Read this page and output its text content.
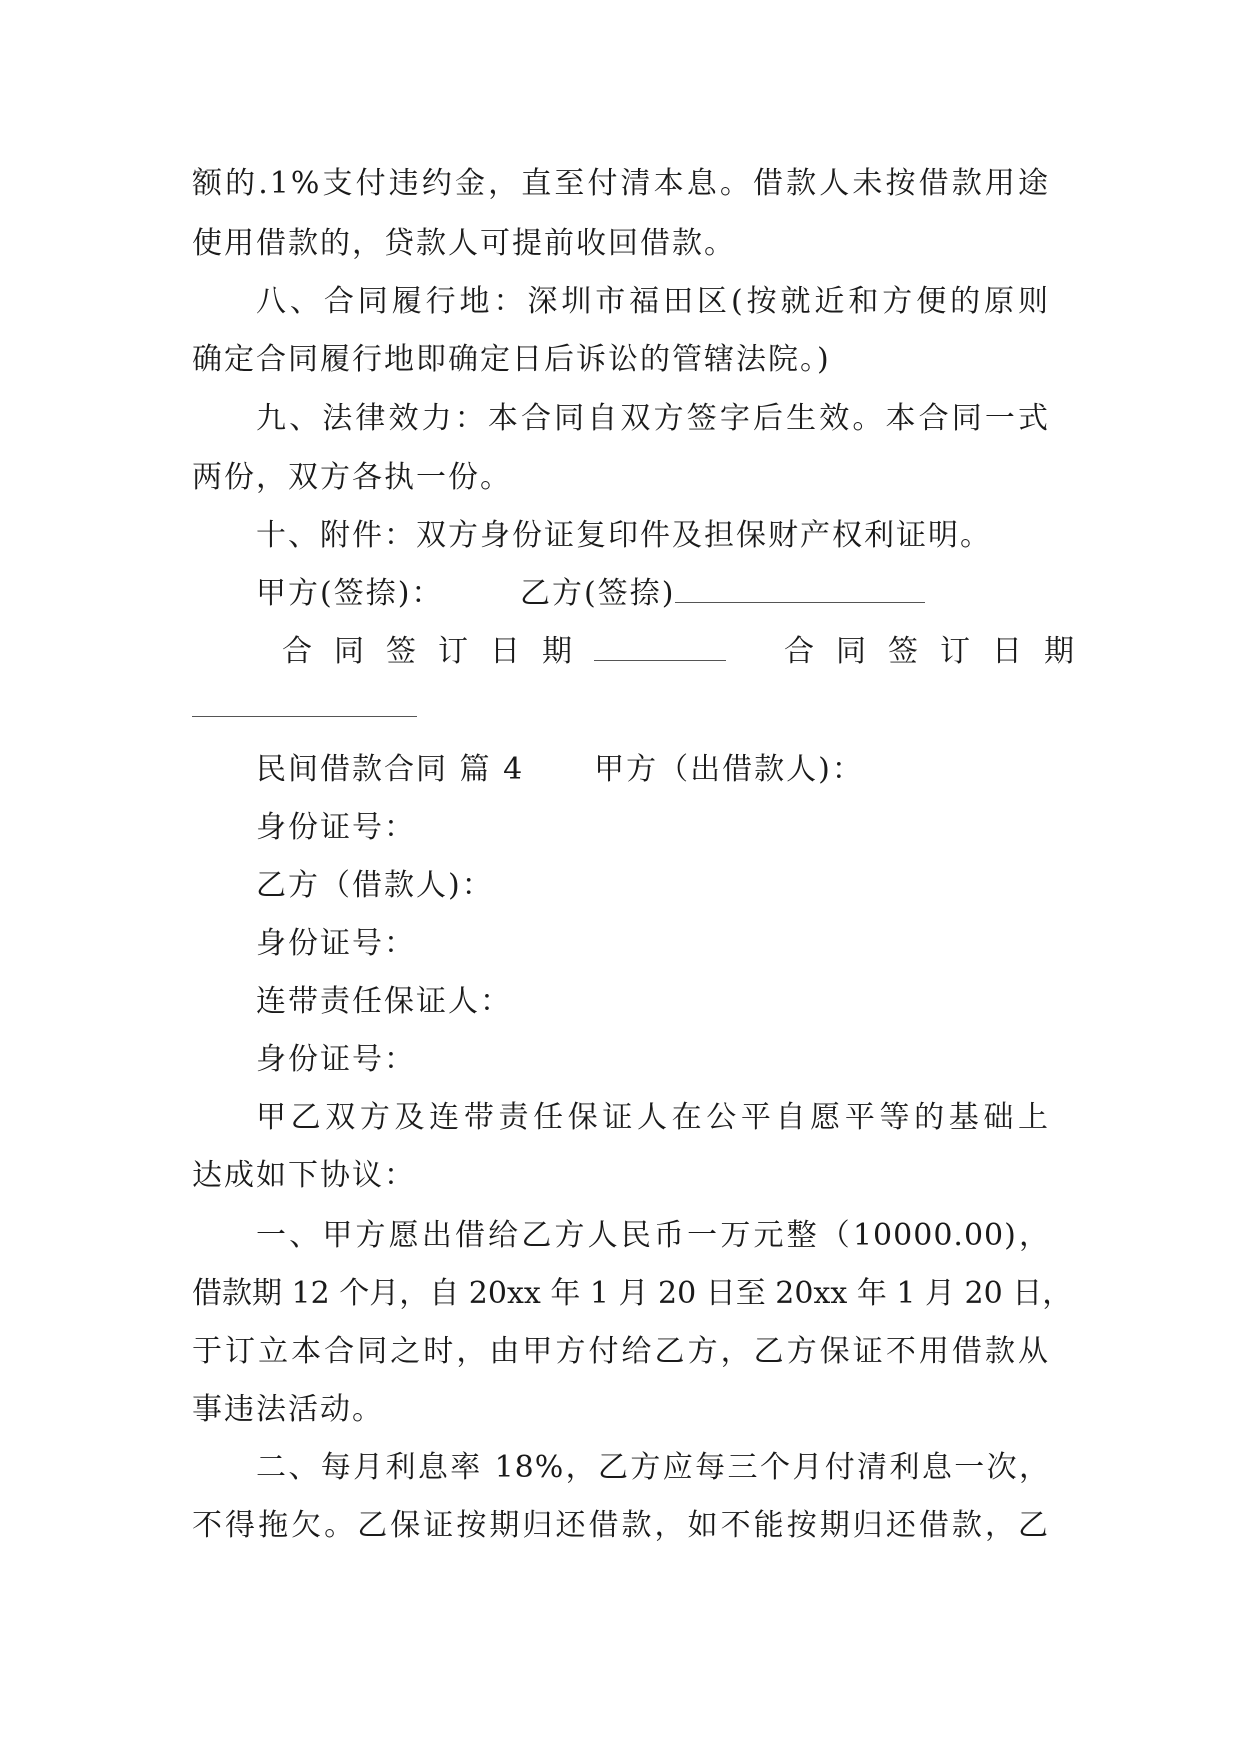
额的.1%支付违约金，直至付清本息。借款人未按借款用途
使用借款的，贷款人可提前收回借款。
八、合同履行地：深圳市福田区(按就近和方便的原则
确定合同履行地即确定日后诉讼的管辖法院。)
九、法律效力：本合同自双方签字后生效。本合同一式
两份，双方各执一份。
十、附件：双方身份证复印件及担保财产权利证明。
甲方(签捺)：	乙方(签捺)
合同签订日期	合同签订日期
民间借款合同 篇 4 甲方（出借款人)：
身份证号：
乙方（借款人)：
身份证号：
连带责任保证人：
身份证号：
甲乙双方及连带责任保证人在公平自愿平等的基础上
达成如下协议：
一、甲方愿出借给乙方人民币一万元整（10000.00)，
借款期 12 个月，自 20xx 年 1 月 20 日至 20xx 年 1 月 20 日，
于订立本合同之时，由甲方付给乙方，乙方保证不用借款从
事违法活动。
二、每月利息率 18%，乙方应每三个月付清利息一次，
不得拖欠。乙保证按期归还借款，如不能按期归还借款，乙
